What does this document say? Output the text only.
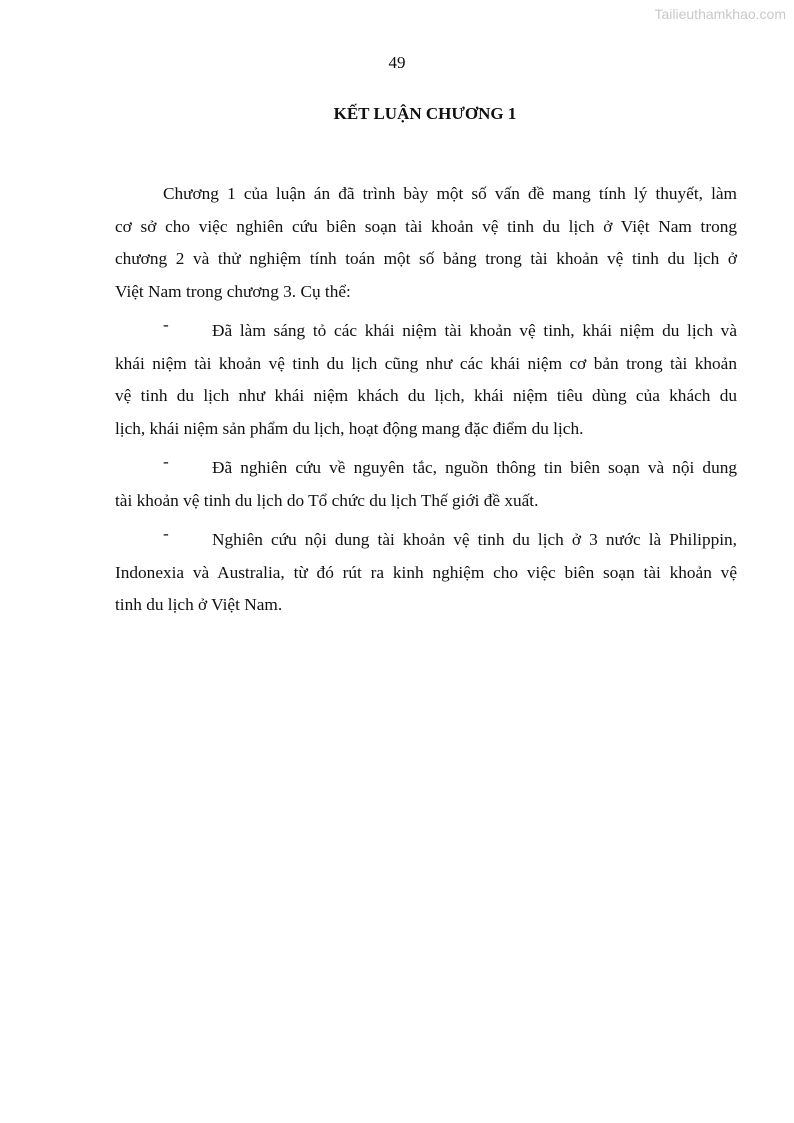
Tailieuthamkhao.com
49
KẾT LUẬN CHƯƠNG 1
Chương 1 của luận án đã trình bày một số vấn đề mang tính lý thuyết, làm
cơ sở cho việc nghiên cứu biên soạn tài khoản vệ tinh du lịch ở Việt Nam trong
chương 2 và thử nghiệm tính toán một số bảng trong tài khoản vệ tinh du lịch ở
Việt Nam trong chương 3. Cụ thể:
-	Đã làm sáng tỏ các khái niệm tài khoản vệ tinh, khái niệm du lịch và
khái niệm tài khoản vệ tinh du lịch cũng như các khái niệm cơ bản trong tài khoản
vệ tinh du lịch như khái niệm khách du lịch, khái niệm tiêu dùng của khách du
lịch, khái niệm sản phẩm du lịch, hoạt động mang đặc điểm du lịch.
-	Đã nghiên cứu về nguyên tắc, nguồn thông tin biên soạn và nội dung
tài khoản vệ tinh du lịch do Tổ chức du lịch Thế giới đề xuất.
-	Nghiên cứu nội dung tài khoản vệ tinh du lịch ở 3 nước là Philippin,
Indonexia và Australia, từ đó rút ra kinh nghiệm cho việc biên soạn tài khoản vệ
tinh du lịch ở Việt Nam.
